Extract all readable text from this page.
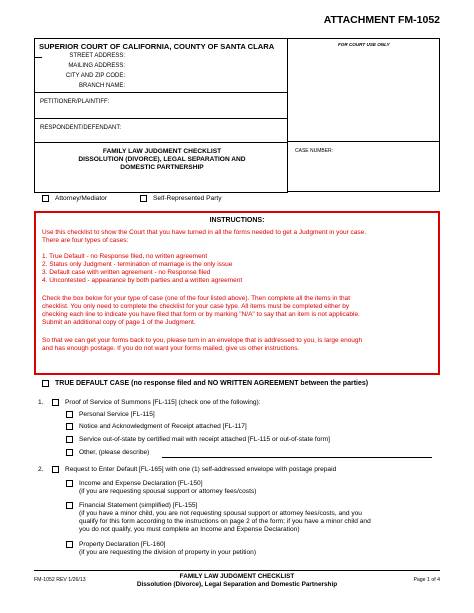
ATTACHMENT FM-1052
SUPERIOR COURT OF CALIFORNIA, COUNTY OF SANTA CLARA
STREET ADDRESS:
MAILING ADDRESS:
CITY AND ZIP CODE:
BRANCH NAME:
PETITIONER/PLAINTIFF:
RESPONDENT/DEFENDANT:
FAMILY LAW JUDGMENT CHECKLIST
DISSOLUTION (DIVORCE), LEGAL SEPARATION AND
DOMESTIC PARTNERSHIP
FOR COURT USE ONLY
CASE NUMBER:
Attorney/Mediator	Self-Represented Party
INSTRUCTIONS:
Use this checklist to show the Court that you have turned in all the forms needed to get a Judgment in your case.
There are four types of cases:
1. True Default - no Response filed, no written agreement
2. Status only Judgment - termination of marriage is the only issue
3. Default case with written agreement - no Response filed
4. Uncontested - appearance by both parties and a written agreement
Check the box below for your type of case (one of the four listed above). Then complete all the items in that
checklist. You only need to complete the checklist for your case type. All items must be completed either by
checking each line to indicate you have filed that form or by marking "N/A" to say that an item is not applicable.
Submit an additional copy of page 1 of the Judgment.
So that we can get your forms back to you, please turn in an envelope that is addressed to you, is large enough
and has enough postage. If you do not want your forms mailed, give us other instructions.
TRUE DEFAULT CASE (no response filed and NO WRITTEN AGREEMENT between the parties)
1.	Proof of Service of Summons [FL-115] (check one of the following):
Personal Service [FL-115]
Notice and Acknowledgment of Receipt attached [FL-117]
Service out-of-state by certified mail with receipt attached [FL-115 or out-of-state form]
Other, (please describe)
2.	Request to Enter Default [FL-165] with one (1) self-addressed envelope with postage prepaid
Income and Expense Declaration [FL-150]
(if you are requesting spousal support or attorney fees/costs)
Financial Statement (simplified) [FL-155]
(if you have a minor child, you are not requesting spousal support or attorney fees/costs, and you
qualify for this form according to the instructions on page 2 of the form; if you have a minor child and
you do not qualify, you must complete an Income and Expense Declaration)
Property Declaration [FL-160]
(if you are requesting the division of property in your petition)
FM-1052 REV 1/26/13	FAMILY LAW JUDGMENT CHECKLIST
Dissolution (Divorce), Legal Separation and Domestic Partnership
Page 1 of 4
